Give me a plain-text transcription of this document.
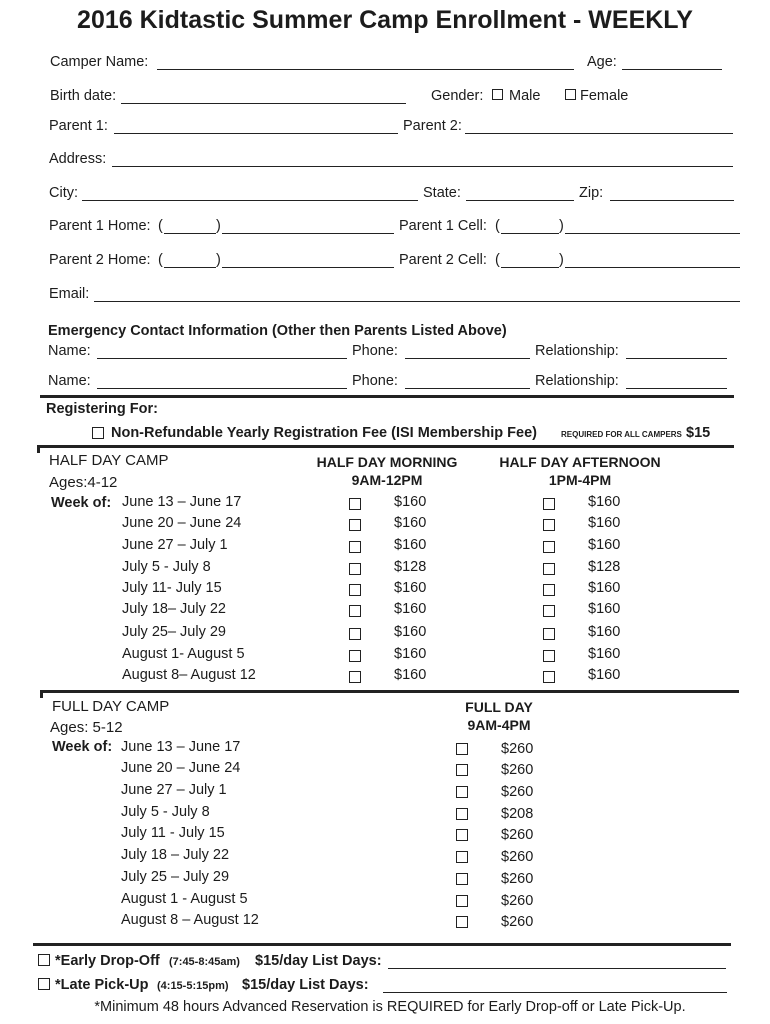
2016 Kidtastic Summer Camp Enrollment - WEEKLY
Camper Name:	Age:
Birth date:	Gender: Male	Female
Parent 1:	Parent 2:
Address:
City:	State:	Zip:
Parent 1 Home: (	)	Parent 1 Cell: (	)
Parent 2 Home: (	)	Parent 2 Cell: (	)
Email:
Emergency Contact Information (Other then Parents Listed Above)
Name:	Phone:	Relationship:
Name:	Phone:	Relationship:
Registering For:
Non-Refundable Yearly Registration Fee (ISI Membership Fee)	REQUIRED FOR ALL CAMPERS $15
HALF DAY CAMP
Ages:4-12
Week of:
HALF DAY MORNING
9AM-12PM
HALF DAY AFTERNOON
1PM-4PM
June 13 – June 17	$160	$160
June 20 – June 24	$160	$160
June 27 – July 1	$160	$160
July 5 - July 8	$128	$128
July 11- July 15	$160	$160
July 18– July 22	$160	$160
July 25– July 29	$160	$160
August 1- August 5	$160	$160
August 8– August 12	$160	$160
FULL DAY CAMP
Ages: 5-12
Week of:
FULL DAY
9AM-4PM
June 13 – June 17	$260
June 20 – June 24	$260
June 27 – July 1	$260
July 5 - July 8	$208
July 11 - July 15	$260
July 18 – July 22	$260
July 25 – July 29	$260
August 1 - August 5	$260
August 8 – August 12	$260
*Early Drop-Off (7:45-8:45am) $15/day List Days:
*Late Pick-Up (4:15-5:15pm) $15/day List Days:
*Minimum 48 hours Advanced Reservation is REQUIRED for Early Drop-off or Late Pick-Up.
